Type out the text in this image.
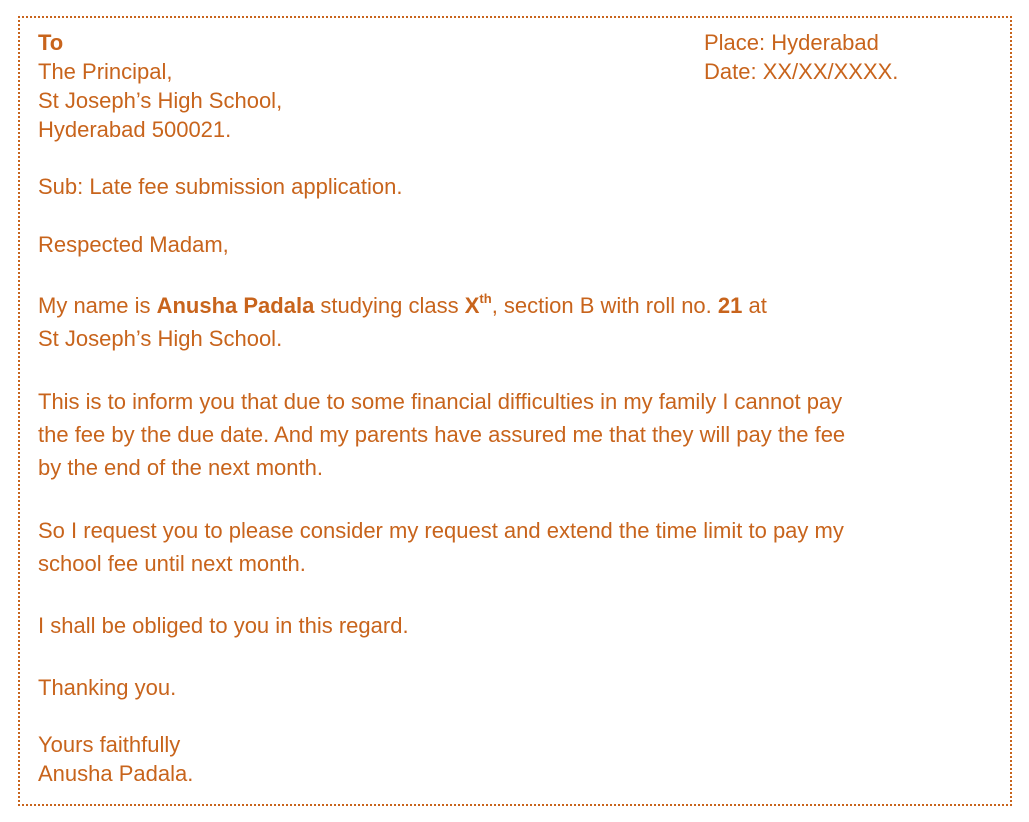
To	Place: Hyderabad
Date: XX/XX/XXXX.
The Principal,
St Joseph’s High School,
Hyderabad 500021.
Sub: Late fee submission application.
Respected Madam,
My name is Anusha Padala studying class Xth, section B with roll no. 21 at
St Joseph’s High School.
This is to inform you that due to some financial difficulties in my family I cannot pay
the fee by the due date. And my parents have assured me that they will pay the fee
by the end of the next month.
So I request you to please consider my request and extend the time limit to pay my
school fee until next month.
I shall be obliged to you in this regard.
Thanking you.
Yours faithfully
Anusha Padala.
